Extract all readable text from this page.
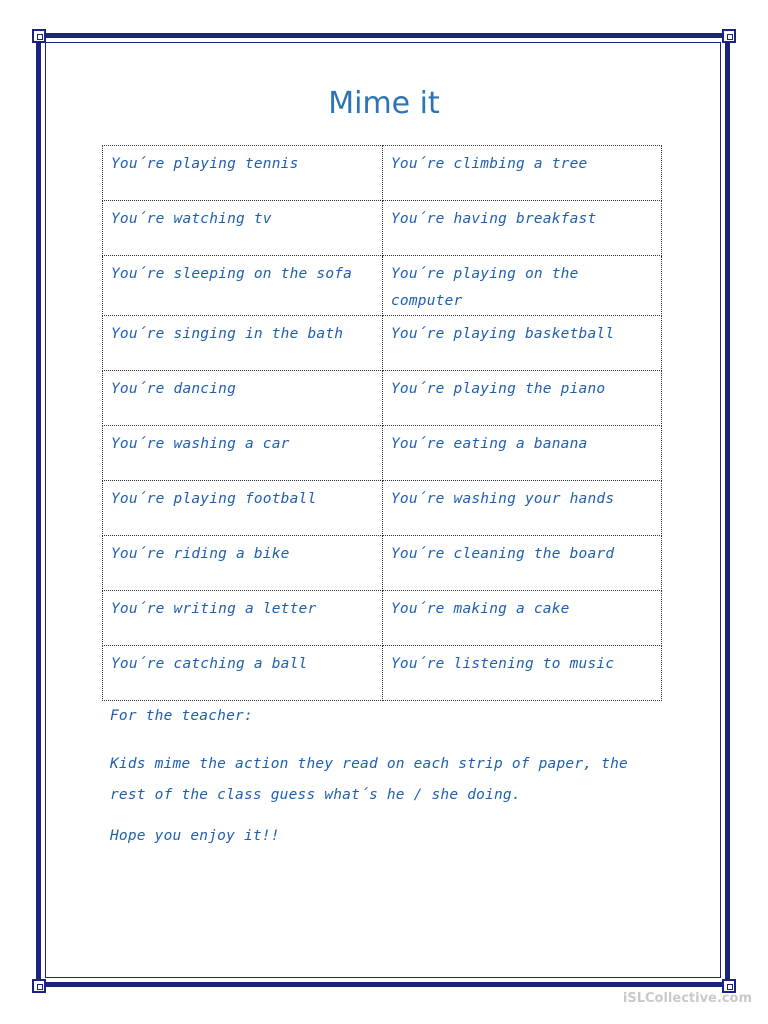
Mime it
You´re playing tennis	You´re climbing a tree
You´re watching tv	You´re having breakfast
You´re sleeping on the sofa	You´re playing on the computer
You´re singing in the bath	You´re playing basketball
You´re dancing	You´re playing the piano
You´re washing a car	You´re eating a banana
You´re playing football	You´re washing your hands
You´re riding a bike	You´re cleaning the board
You´re writing a letter	You´re making a cake
You´re catching a ball	You´re listening to music

For the teacher:

Kids mime the action they read on each strip of paper, the rest of the class guess what´s he / she doing.

Hope you enjoy it!!

iSLCollective.com
